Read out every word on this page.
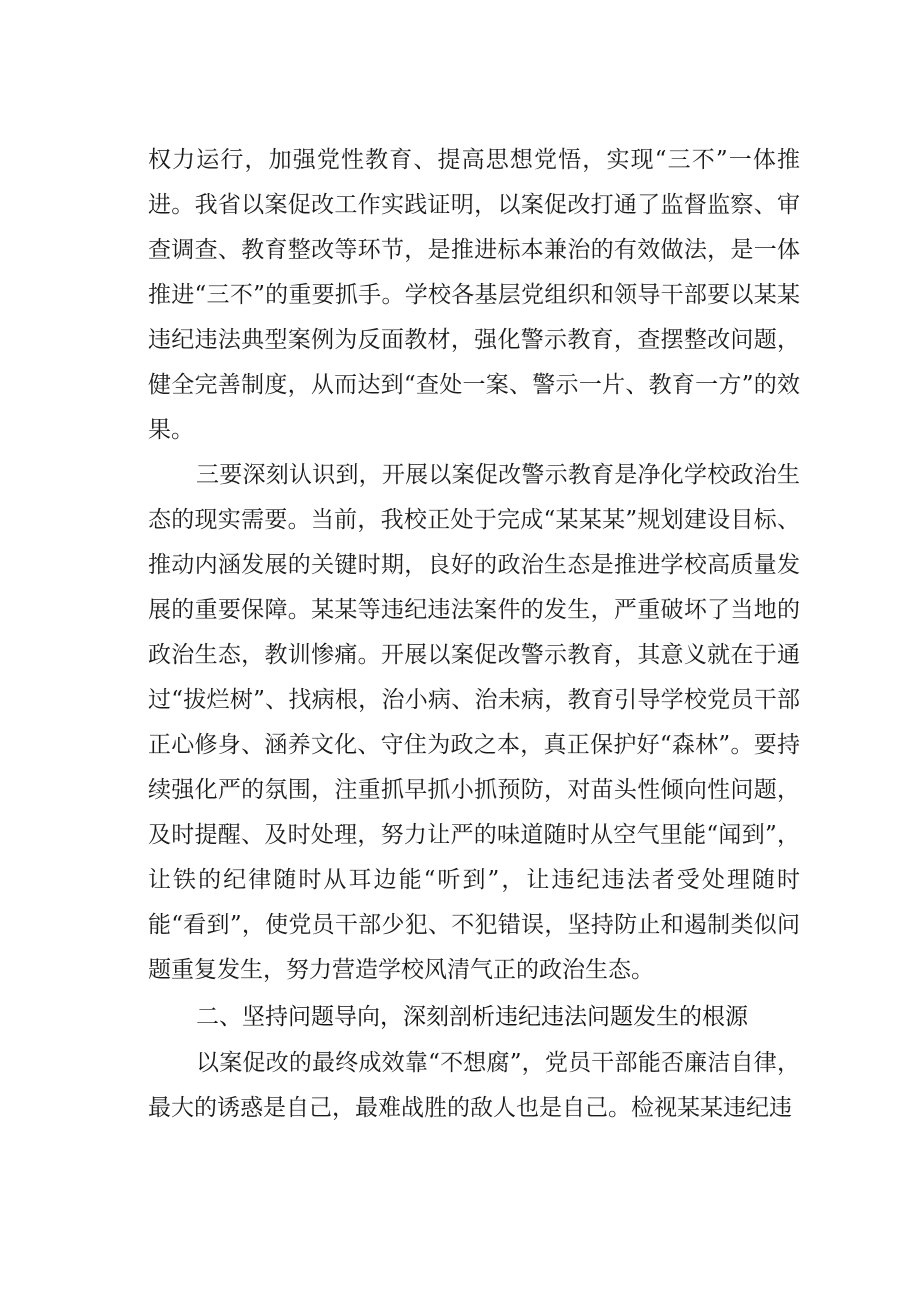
权力运行，加强党性教育、提高思想党悟，实现“三不”一体推进。我省以案促改工作实践证明，以案促改打通了监督监察、审查调查、教育整改等环节，是推进标本兼治的有效做法，是一体推进“三不”的重要抓手。学校各基层党组织和领导干部要以某某违纪违法典型案例为反面教材，强化警示教育，查摆整改问题，健全完善制度，从而达到“查处一案、警示一片、教育一方”的效果。

三要深刻认识到，开展以案促改警示教育是净化学校政治生态的现实需要。当前，我校正处于完成“某某某”规划建设目标、推动内涵发展的关键时期，良好的政治生态是推进学校高质量发展的重要保障。某某等违纪违法案件的发生，严重破坏了当地的政治生态，教训惨痛。开展以案促改警示教育，其意义就在于通过“拔烂树”、找病根，治小病、治未病，教育引导学校党员干部正心修身、涵养文化、守住为政之本，真正保护好“森林”。要持续强化严的氛围，注重抓早抓小抓预防，对苗头性倾向性问题，及时提醒、及时处理，努力让严的味道随时从空气里能“闻到”，让铁的纪律随时从耳边能“听到”，让违纪违法者受处理随时能“看到”，使党员干部少犯、不犯错误，坚持防止和遏制类似问题重复发生，努力营造学校风清气正的政治生态。

二、坚持问题导向，深刻剖析违纪违法问题发生的根源

以案促改的最终成效靠“不想腐”，党员干部能否廉洁自律，最大的诱惑是自己，最难战胜的敌人也是自己。检视某某违纪违
